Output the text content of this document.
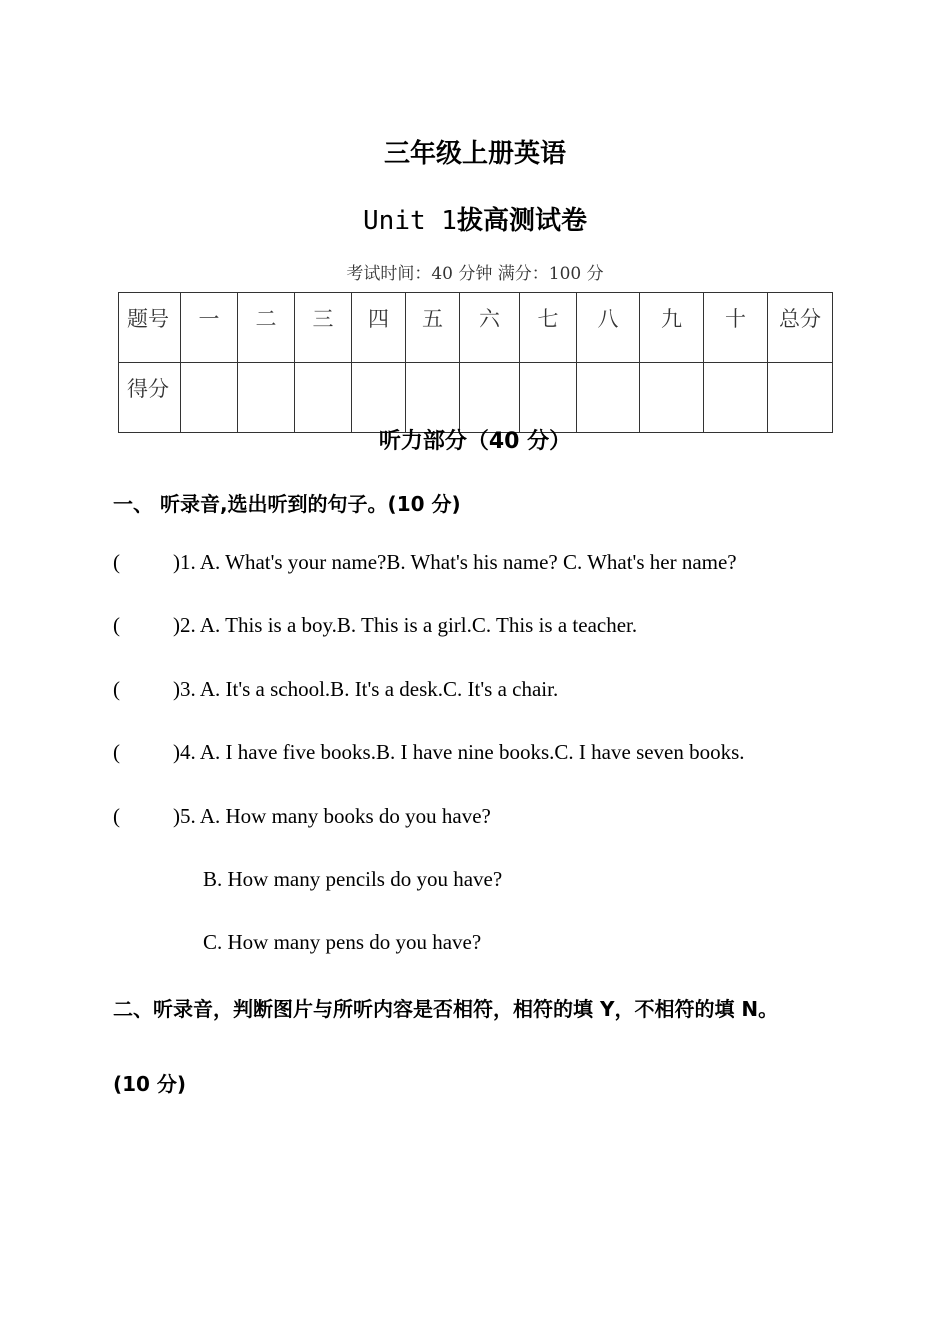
三年级上册英语
Unit 1拔高测试卷
考试时间：40 分钟 满分：100 分
题号	一	二	三	四	五	六	七	八	九	十	总分
得分											
听力部分（40 分）
一、 听录音,选出听到的句子。(10 分)
(	)1. A. What's your name?B. What's his name? C. What's her name?
(	)2. A. This is a boy.B. This is a girl.C. This is a teacher.
(	)3. A. It's a school.B. It's a desk.C. It's a chair.
(	)4. A. I have five books.B. I have nine books.C. I have seven books.
(	)5. A. How many books do you have?
B. How many pencils do you have?
C. How many pens do you have?
二、听录音，判断图片与所听内容是否相符，相符的填 Y，不相符的填 N。
(10 分)
